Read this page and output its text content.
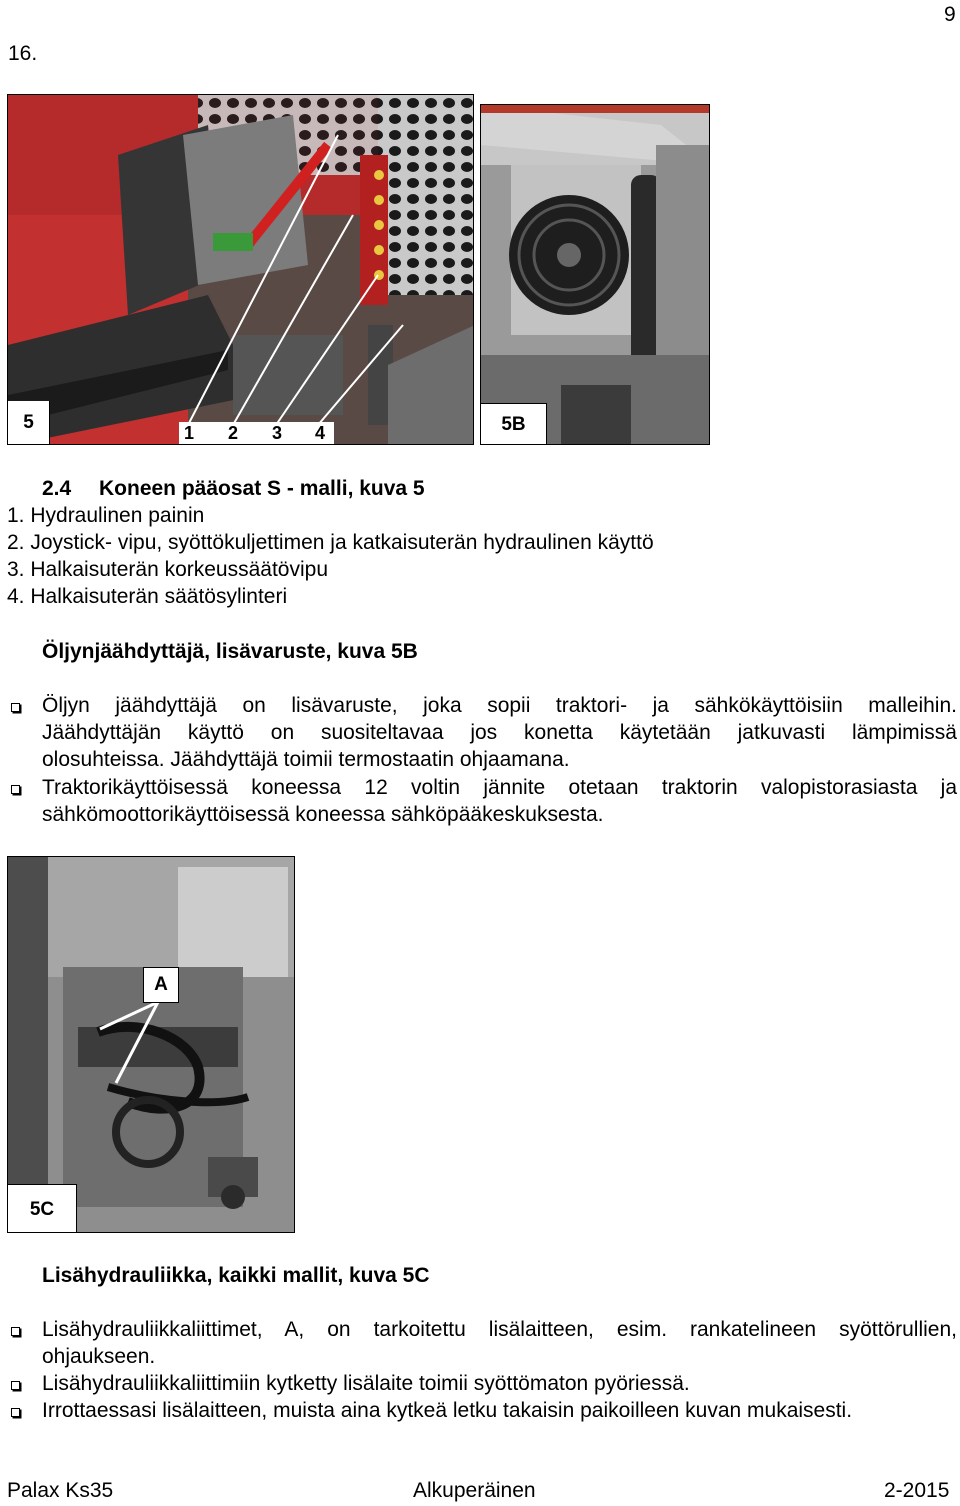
9
16.
5
1 2 3 4	5B
2.4 Koneen pääosat S - malli, kuva 5
1. Hydraulinen painin
2. Joystick- vipu, syöttökuljettimen ja katkaisuterän hydraulinen käyttö
3. Halkaisuterän korkeussäätövipu
4. Halkaisuterän säätösylinteri
Öljynjäähdyttäjä, lisävaruste, kuva 5B
Öljyn jäähdyttäjä on lisävaruste, joka sopii traktori- ja sähkökäyttöisiin malleihin.
Jäähdyttäjän käyttö on suositeltavaa jos konetta käytetään jatkuvasti lämpimissä
olosuhteissa. Jäähdyttäjä toimii termostaatin ohjaamana.
Traktorikäyttöisessä koneessa 12 voltin jännite otetaan traktorin valopistorasiasta ja
sähkömoottorikäyttöisessä koneessa sähköpääkeskuksesta.
A
5C
Lisähydrauliikka, kaikki mallit, kuva 5C
Lisähydrauliikkaliittimet, A, on tarkoitettu lisälaitteen, esim. rankatelineen syöttörullien,
ohjaukseen.
Lisähydrauliikkaliittimiin kytketty lisälaite toimii syöttömaton pyöriessä.
Irrottaessasi lisälaitteen, muista aina kytkeä letku takaisin paikoilleen kuvan mukaisesti.
Palax Ks35	Alkuperäinen	2-2015
